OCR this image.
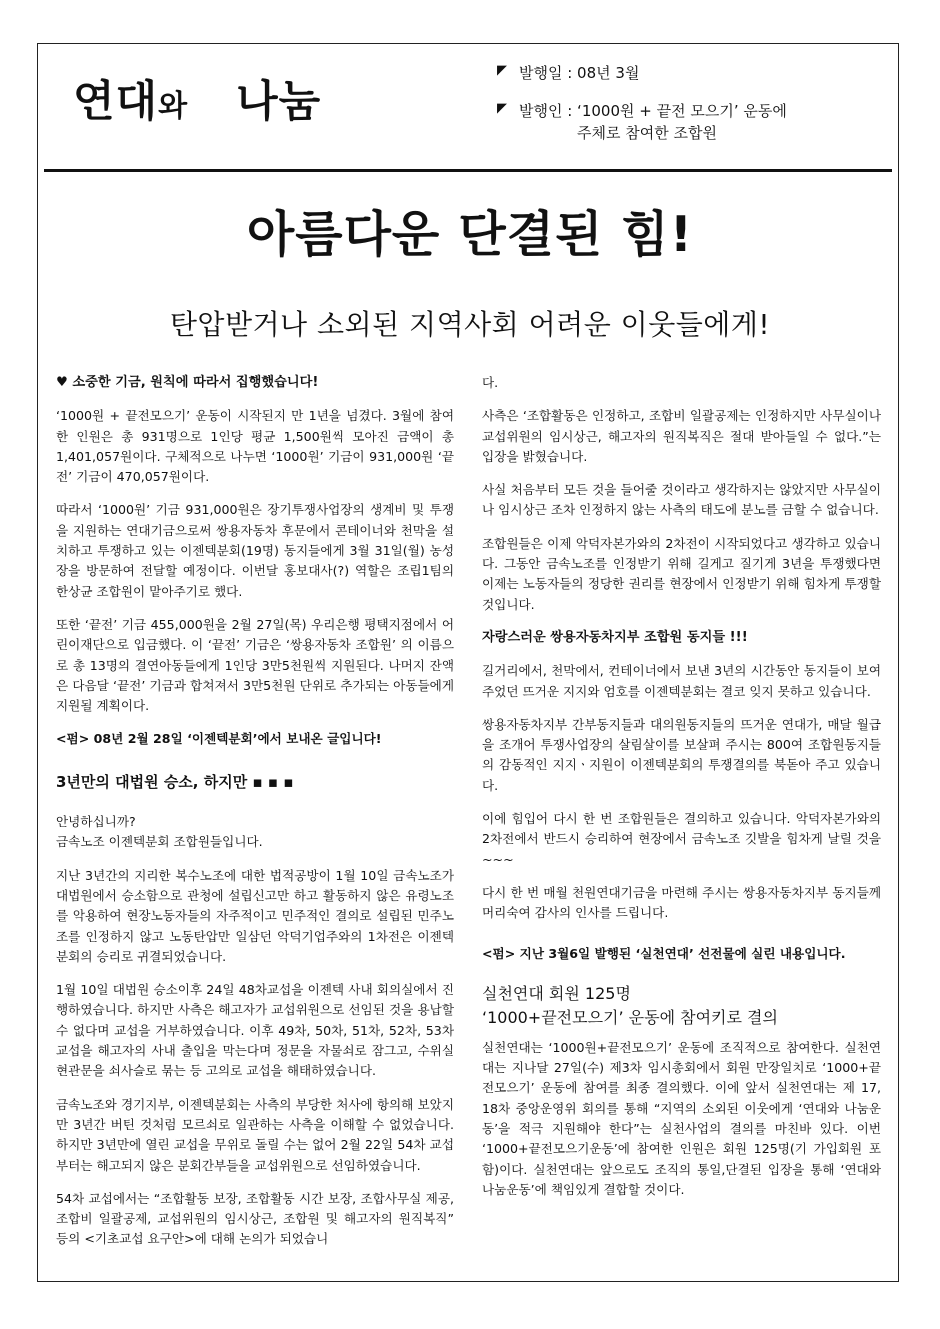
연대와 나눔
◤ 발행일 : 08년 3월
◤ 발행인 : ‘1000원 + 끝전 모으기’ 운동에
주체로 참여한 조합원
아름다운 단결된 힘!
탄압받거나 소외된 지역사회 어려운 이웃들에게!
♥ 소중한 기금, 원칙에 따라서 집행했습니다!

‘1000원 + 끝전모으기’ 운동이 시작된지 만 1년을 넘겼다. 3월에 참여한 인원은 총 931명으로 1인당 평균 1,500원씩 모아진 금액이 총 1,401,057원이다. 구체적으로 나누면 ‘1000원’ 기금이 931,000원 ‘끝전’ 기금이 470,057원이다.

따라서 ‘1000원’ 기금 931,000원은 장기투쟁사업장의 생계비 및 투쟁을 지원하는 연대기금으로써 쌍용자동차 후문에서 콘테이너와 천막을 설치하고 투쟁하고 있는 이젠텍분회(19명) 동지들에게 3월 31일(월) 농성장을 방문하여 전달할 예정이다. 이번달 홍보대사(?) 역할은 조립1팀의 한상균 조합원이 맡아주기로 했다.

또한 ‘끝전’ 기금 455,000원을 2월 27일(목) 우리은행 평택지점에서 어린이재단으로 입금했다. 이 ‘끝전’ 기금은 ‘쌍용자동차 조합원’ 의 이름으로 총 13명의 결연아동들에게 1인당 3만5천원씩 지원된다. 나머지 잔액은 다음달 ‘끝전’ 기금과 합쳐져서 3만5천원 단위로 추가되는 아동들에게 지원될 계획이다.

<펌> 08년 2월 28일 ‘이젠텍분회’에서 보내온 글입니다!
3년만의 대법원 승소, 하지만 ▪ ▪ ▪

안녕하십니까?
금속노조 이젠텍분회 조합원들입니다.

지난 3년간의 지리한 복수노조에 대한 법적공방이 1월 10일 금속노조가 대법원에서 승소함으로 관청에 설립신고만 하고 활동하지 않은 유령노조를 악용하여 현장노동자들의 자주적이고 민주적인 결의로 설립된 민주노조를 인정하지 않고 노동탄압만 일삼던 악덕기업주와의 1차전은 이젠텍분회의 승리로 귀결되었습니다.

1월 10일 대법원 승소이후 24일 48차교섭을 이젠텍 사내 회의실에서 진행하였습니다. 하지만 사측은 해고자가 교섭위원으로 선임된 것을 용납할 수 없다며 교섭을 거부하였습니다. 이후 49차, 50차, 51차, 52차, 53차 교섭을 해고자의 사내 출입을 막는다며 정문을 자물쇠로 잠그고, 수위실 현관문을 쇠사슬로 묶는 등 고의로 교섭을 해태하였습니다.

금속노조와 경기지부, 이젠텍분회는 사측의 부당한 처사에 항의해 보았지만 3년간 버틴 것처럼 모르쇠로 일관하는 사측을 이해할 수 없었습니다. 하지만 3년만에 열린 교섭을 무위로 돌릴 수는 없어 2월 22일 54차 교섭부터는 해고되지 않은 분회간부들을 교섭위원으로 선임하였습니다.

54차 교섭에서는 “조합활동 보장, 조합활동 시간 보장, 조합사무실 제공, 조합비 일괄공제, 교섭위원의 임시상근, 조합원 및 해고자의 원직복직” 등의 <기초교섭 요구안>에 대해 논의가 되었습니

다.

사측은 ‘조합활동은 인정하고, 조합비 일괄공제는 인정하지만 사무실이나 교섭위원의 임시상근, 해고자의 원직복직은 절대 받아들일 수 없다.”는 입장을 밝혔습니다.

사실 처음부터 모든 것을 들어줄 것이라고 생각하지는 않았지만 사무실이나 임시상근 조차 인정하지 않는 사측의 태도에 분노를 금할 수 없습니다.

조합원들은 이제 악덕자본가와의 2차전이 시작되었다고 생각하고 있습니다. 그동안 금속노조를 인정받기 위해 길게고 질기게 3년을 투쟁했다면 이제는 노동자들의 정당한 권리를 현장에서 인정받기 위해 힘차게 투쟁할 것입니다.

자랑스러운 쌍용자동차지부 조합원 동지들 !!!

길거리에서, 천막에서, 컨테이너에서 보낸 3년의 시간동안 동지들이 보여주었던 뜨거운 지지와 엄호를 이젠텍분회는 결코 잊지 못하고 있습니다.

쌍용자동차지부 간부동지들과 대의원동지들의 뜨거운 연대가, 매달 월급을 조개어 투쟁사업장의 살림살이를 보살펴 주시는 800여 조합원동지들의 감동적인 지지ㆍ지원이 이젠텍분회의 투쟁결의를 북돋아 주고 있습니다.

이에 힘입어 다시 한 번 조합원들은 결의하고 있습니다. 악덕자본가와의 2차전에서 반드시 승리하여 현장에서 금속노조 깃발을 힘차게 날릴 것을~~~

다시 한 번 매월 천원연대기금을 마련해 주시는 쌍용자동차지부 동지들께 머리숙여 감사의 인사를 드립니다.

<펌> 지난 3월6일 발행된 ‘실천연대’ 선전물에 실린 내용입니다.
실천연대 회원 125명
‘1000+끝전모으기’ 운동에 참여키로 결의

실천연대는 ‘1000원+끝전모으기’ 운동에 조직적으로 참여한다. 실천연대는 지나달 27일(수) 제3차 임시총회에서 회원 만장일치로 ‘1000+끝전모으기’ 운동에 참여를 최종 결의했다. 이에 앞서 실천연대는 제 17, 18차 중앙운영위 회의를 통해 “지역의 소외된 이웃에게 ‘연대와 나눔운동’을 적극 지원해야 한다”는 실천사업의 결의를 마친바 있다. 이번 ‘1000+끝전모으기운동’에 참여한 인원은 회원 125명(기 가입회원 포함)이다. 실천연대는 앞으로도 조직의 통일,단결된 입장을 통해 ‘연대와 나눔운동’에 책임있게 결합할 것이다.
